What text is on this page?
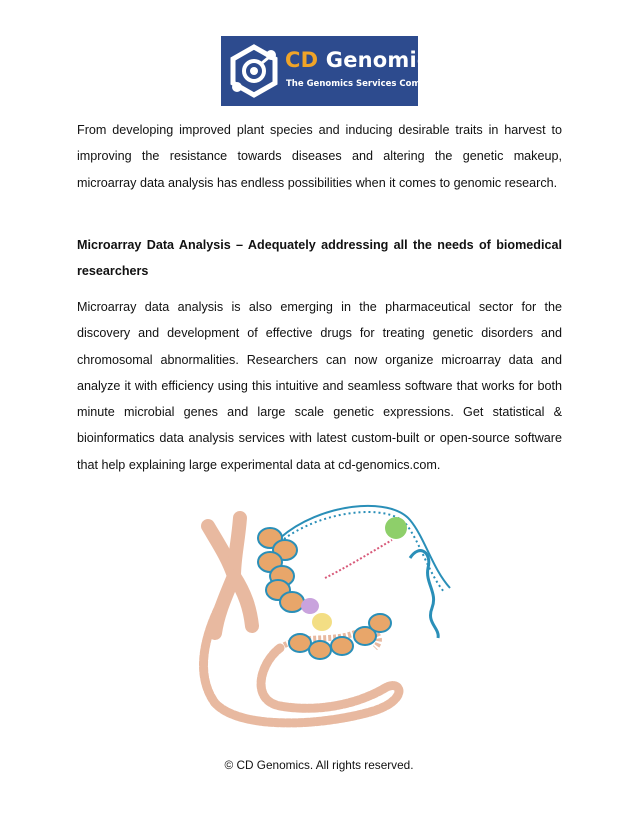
CD Genomics
The Genomics Services Company

From developing improved plant species and inducing desirable traits in harvest to improving the resistance towards diseases and altering the genetic makeup, microarray data analysis has endless possibilities when it comes to genomic research.

Microarray Data Analysis – Adequately addressing all the needs of biomedical researchers

Microarray data analysis is also emerging in the pharmaceutical sector for the discovery and development of effective drugs for treating genetic disorders and chromosomal abnormalities. Researchers can now organize microarray data and analyze it with efficiency using this intuitive and seamless software that works for both minute microbial genes and large scale genetic expressions. Get statistical & bioinformatics data analysis services with latest custom-built or open-source software that help explaining large experimental data at cd-genomics.com.

© CD Genomics. All rights reserved.
